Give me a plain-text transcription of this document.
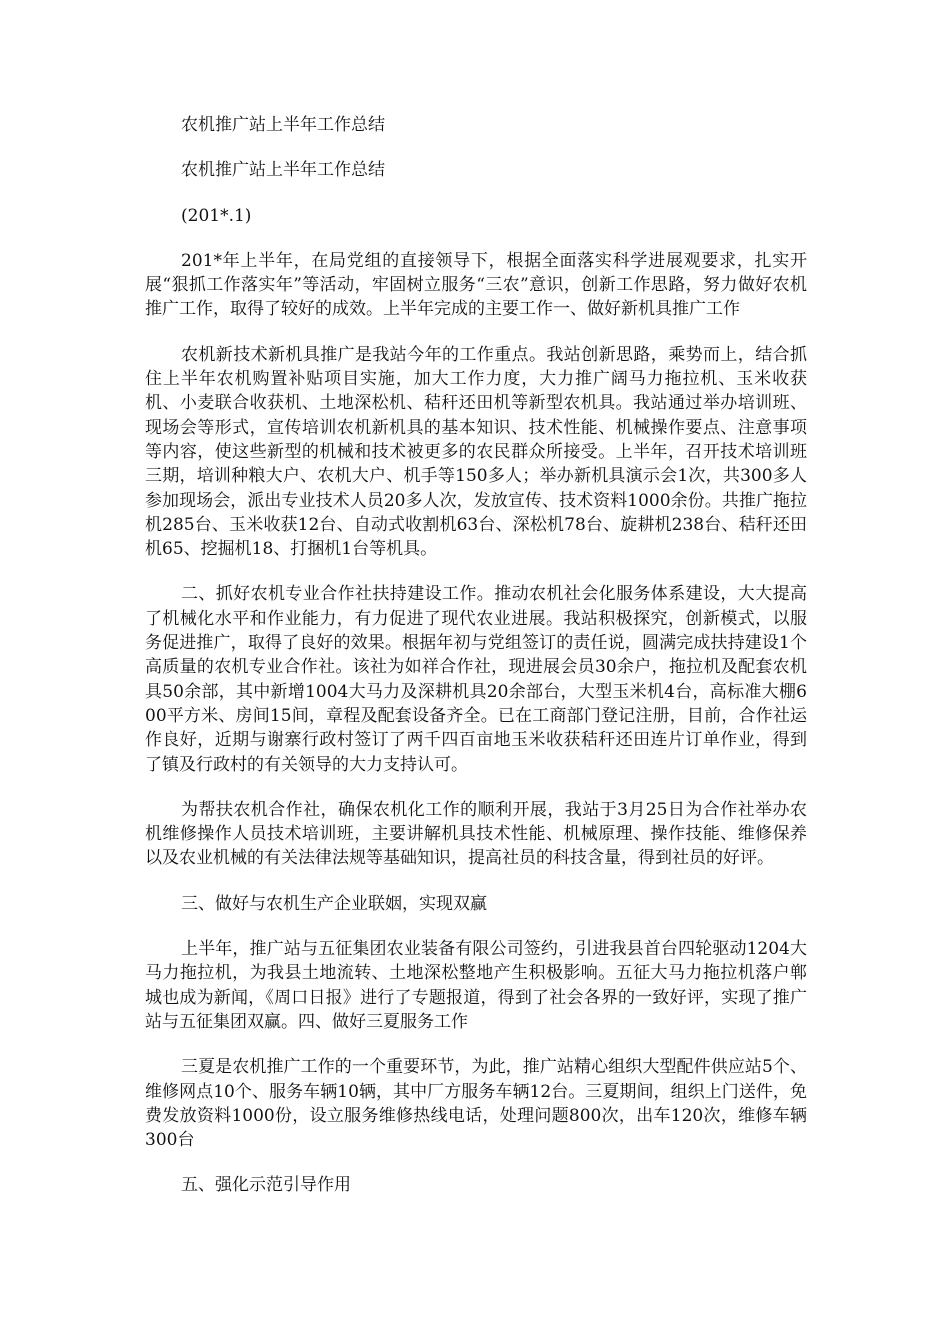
农机推广站上半年工作总结

农机推广站上半年工作总结

(201*.1)

201*年上半年，在局党组的直接领导下，根据全面落实科学进展观要求，扎实开展“狠抓工作落实年”等活动，牢固树立服务“三农”意识，创新工作思路，努力做好农机推广工作，取得了较好的成效。上半年完成的主要工作一、做好新机具推广工作

农机新技术新机具推广是我站今年的工作重点。我站创新思路，乘势而上，结合抓住上半年农机购置补贴项目实施，加大工作力度，大力推广阔马力拖拉机、玉米收获机、小麦联合收获机、土地深松机、秸秆还田机等新型农机具。我站通过举办培训班、现场会等形式，宣传培训农机新机具的基本知识、技术性能、机械操作要点、注意事项等内容，使这些新型的机械和技术被更多的农民群众所接受。上半年，召开技术培训班三期，培训种粮大户、农机大户、机手等150多人；举办新机具演示会1次，共300多人参加现场会，派出专业技术人员20多人次，发放宣传、技术资料1000余份。共推广拖拉机285台、玉米收获12台、自动式收割机63台、深松机78台、旋耕机238台、秸秆还田机65、挖掘机18、打捆机1台等机具。

二、抓好农机专业合作社扶持建设工作。推动农机社会化服务体系建设，大大提高了机械化水平和作业能力，有力促进了现代农业进展。我站积极探究，创新模式，以服务促进推广，取得了良好的效果。根据年初与党组签订的责任说，圆满完成扶持建设1个高质量的农机专业合作社。该社为如祥合作社，现进展会员30余户，拖拉机及配套农机具50余部，其中新增1004大马力及深耕机具20余部台，大型玉米机4台，高标准大棚600平方米、房间15间，章程及配套设备齐全。已在工商部门登记注册，目前，合作社运作良好，近期与谢寨行政村签订了两千四百亩地玉米收获秸秆还田连片订单作业，得到了镇及行政村的有关领导的大力支持认可。

为帮扶农机合作社，确保农机化工作的顺利开展，我站于3月25日为合作社举办农机维修操作人员技术培训班，主要讲解机具技术性能、机械原理、操作技能、维修保养以及农业机械的有关法律法规等基础知识，提高社员的科技含量，得到社员的好评。

三、做好与农机生产企业联姻，实现双赢

上半年，推广站与五征集团农业装备有限公司签约，引进我县首台四轮驱动1204大马力拖拉机，为我县土地流转、土地深松整地产生积极影响。五征大马力拖拉机落户郸城也成为新闻，《周口日报》进行了专题报道，得到了社会各界的一致好评，实现了推广站与五征集团双赢。四、做好三夏服务工作

三夏是农机推广工作的一个重要环节，为此，推广站精心组织大型配件供应站5个、维修网点10个、服务车辆10辆，其中厂方服务车辆12台。三夏期间，组织上门送件，免费发放资料1000份，设立服务维修热线电话，处理问题800次，出车120次，维修车辆300台

五、强化示范引导作用
